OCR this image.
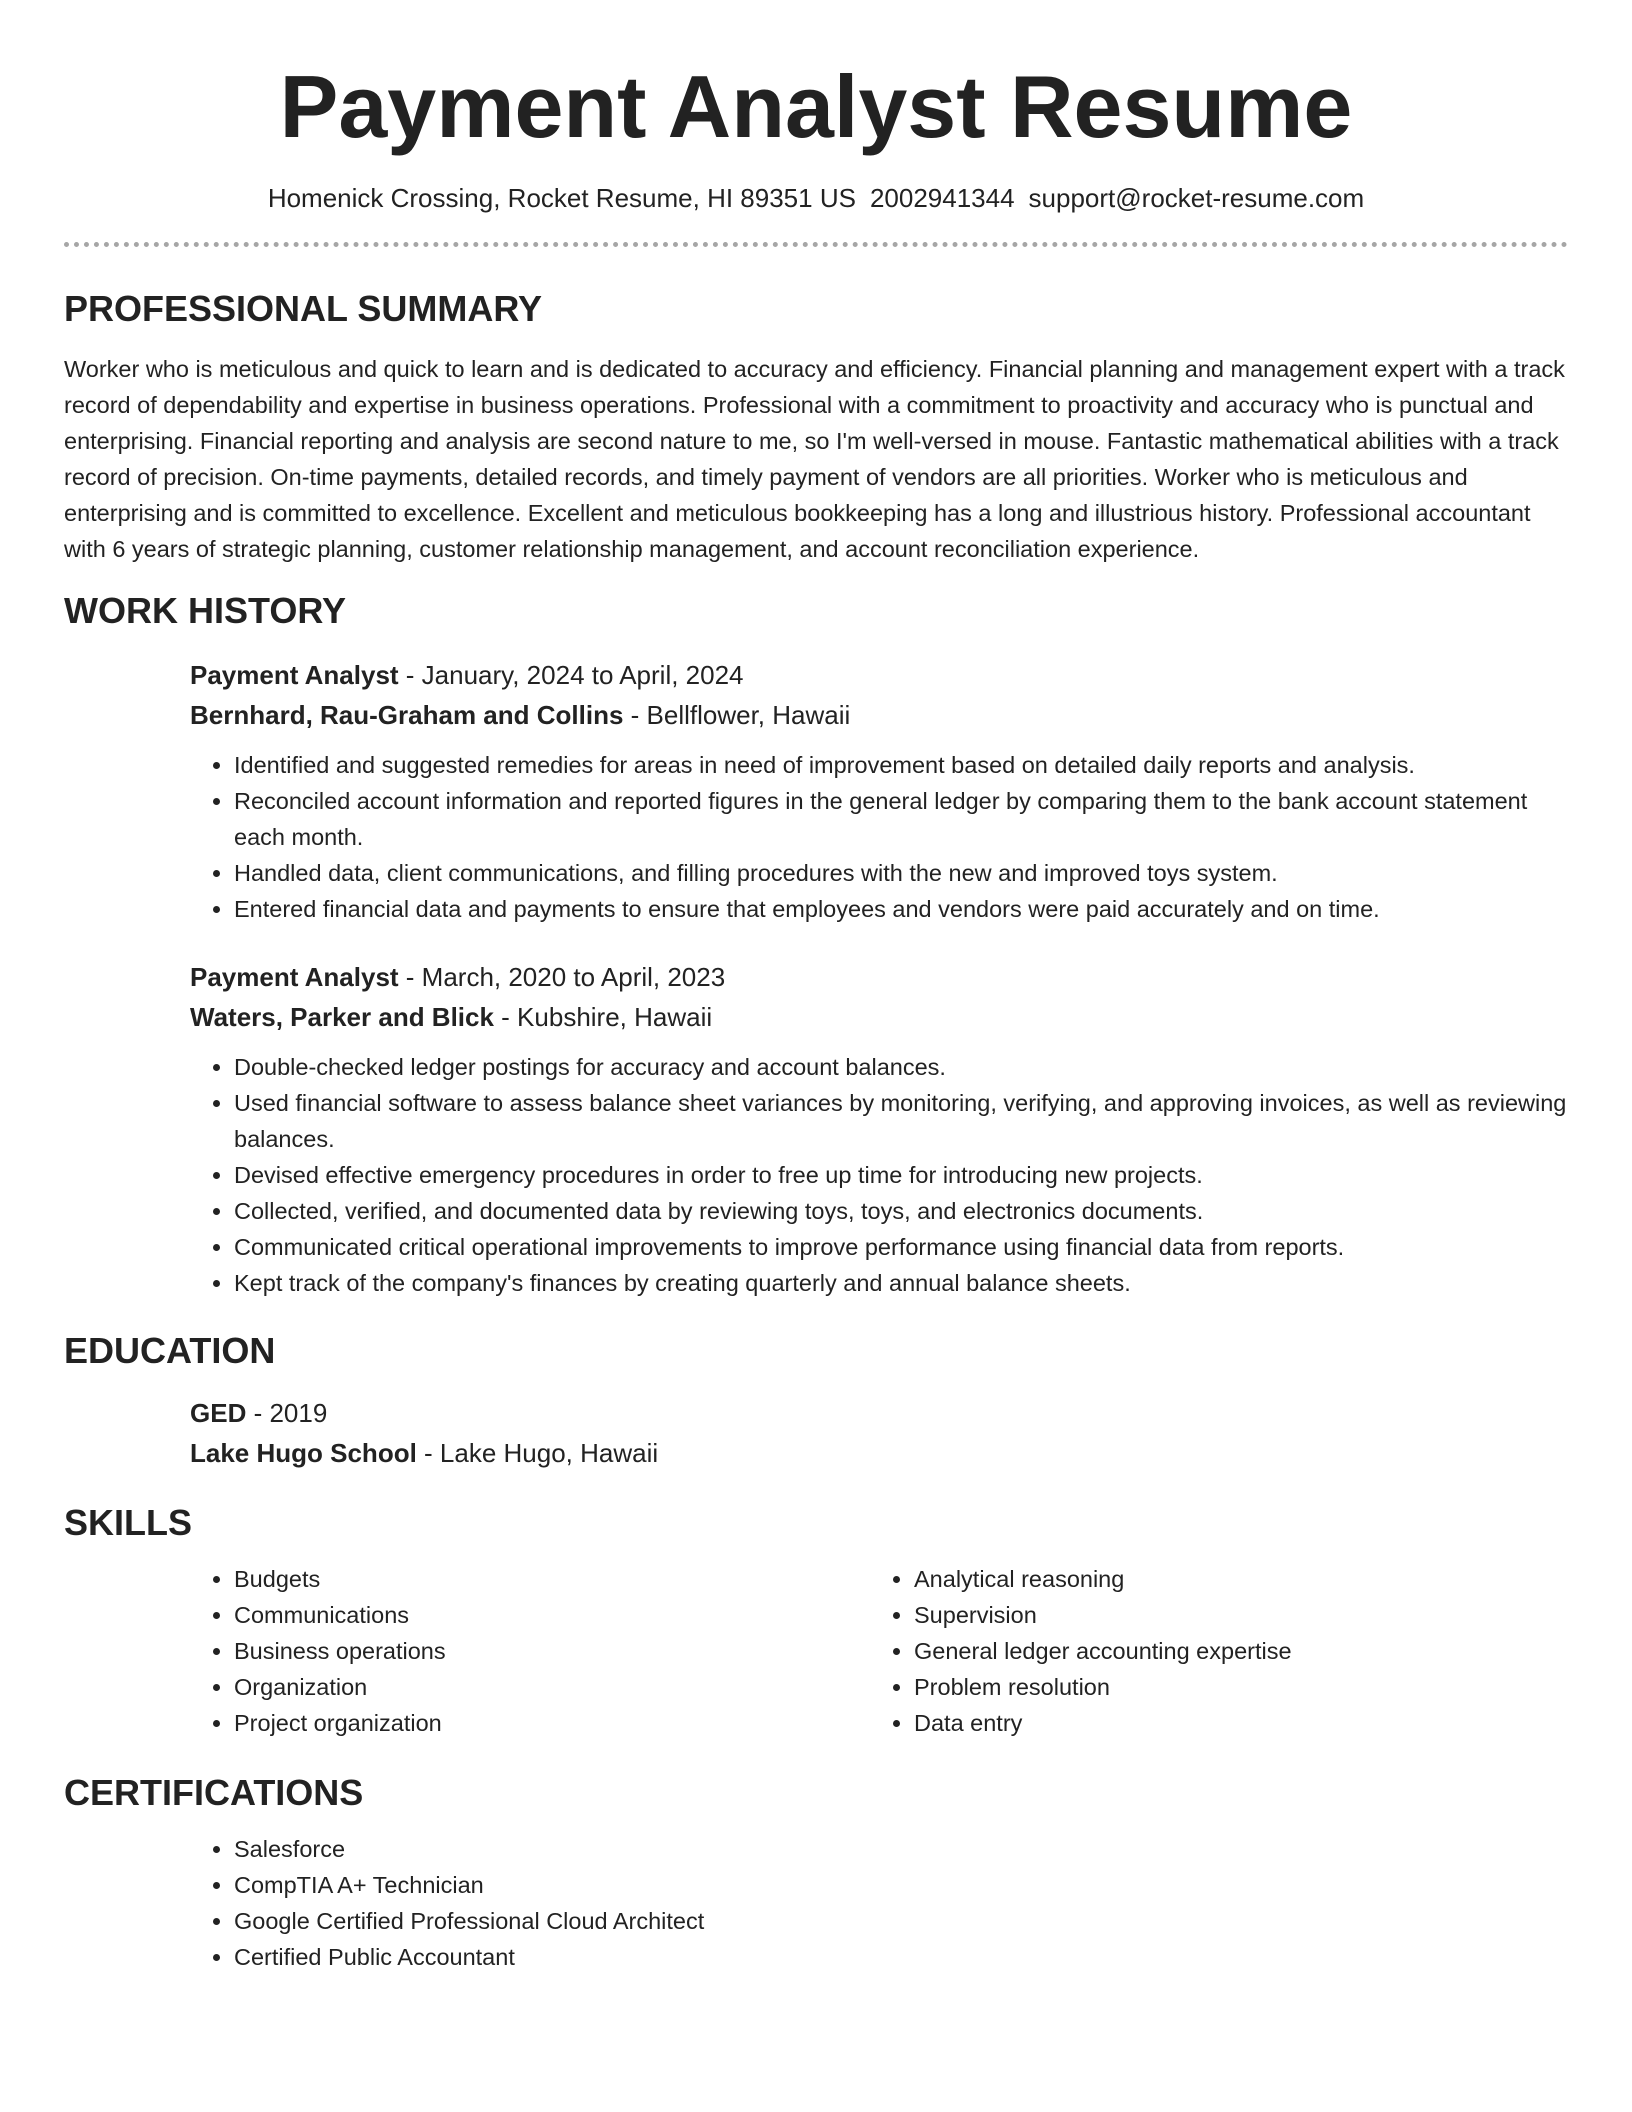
Payment Analyst Resume
Homenick Crossing, Rocket Resume, HI 89351 US 2002941344 support@rocket-resume.com
PROFESSIONAL SUMMARY

Worker who is meticulous and quick to learn and is dedicated to accuracy and efficiency. Financial planning and management expert with a track record of dependability and expertise in business operations. Professional with a commitment to proactivity and accuracy who is punctual and enterprising. Financial reporting and analysis are second nature to me, so I'm well-versed in mouse. Fantastic mathematical abilities with a track record of precision. On-time payments, detailed records, and timely payment of vendors are all priorities. Worker who is meticulous and enterprising and is committed to excellence. Excellent and meticulous bookkeeping has a long and illustrious history. Professional accountant with 6 years of strategic planning, customer relationship management, and account reconciliation experience.

WORK HISTORY

Payment Analyst - January, 2024 to April, 2024

Bernhard, Rau-Graham and Collins - Bellflower, Hawaii

• Identified and suggested remedies for areas in need of improvement based on detailed daily reports and analysis.
• Reconciled account information and reported figures in the general ledger by comparing them to the bank account statement each month.
• Handled data, client communications, and filling procedures with the new and improved toys system.
• Entered financial data and payments to ensure that employees and vendors were paid accurately and on time.

Payment Analyst - March, 2020 to April, 2023

Waters, Parker and Blick - Kubshire, Hawaii

• Double-checked ledger postings for accuracy and account balances.
• Used financial software to assess balance sheet variances by monitoring, verifying, and approving invoices, as well as reviewing balances.
• Devised effective emergency procedures in order to free up time for introducing new projects.
• Collected, verified, and documented data by reviewing toys, toys, and electronics documents.
• Communicated critical operational improvements to improve performance using financial data from reports.
• Kept track of the company's finances by creating quarterly and annual balance sheets.
EDUCATION

GED - 2019

Lake Hugo School - Lake Hugo, Hawaii

SKILLS
• Budgets
• Communications
• Business operations
• Organization
• Project organization
• Analytical reasoning
• Supervision
• General ledger accounting expertise
• Problem resolution
• Data entry
CERTIFICATIONS
• Salesforce
• CompTIA A+ Technician
• Google Certified Professional Cloud Architect
• Certified Public Accountant
